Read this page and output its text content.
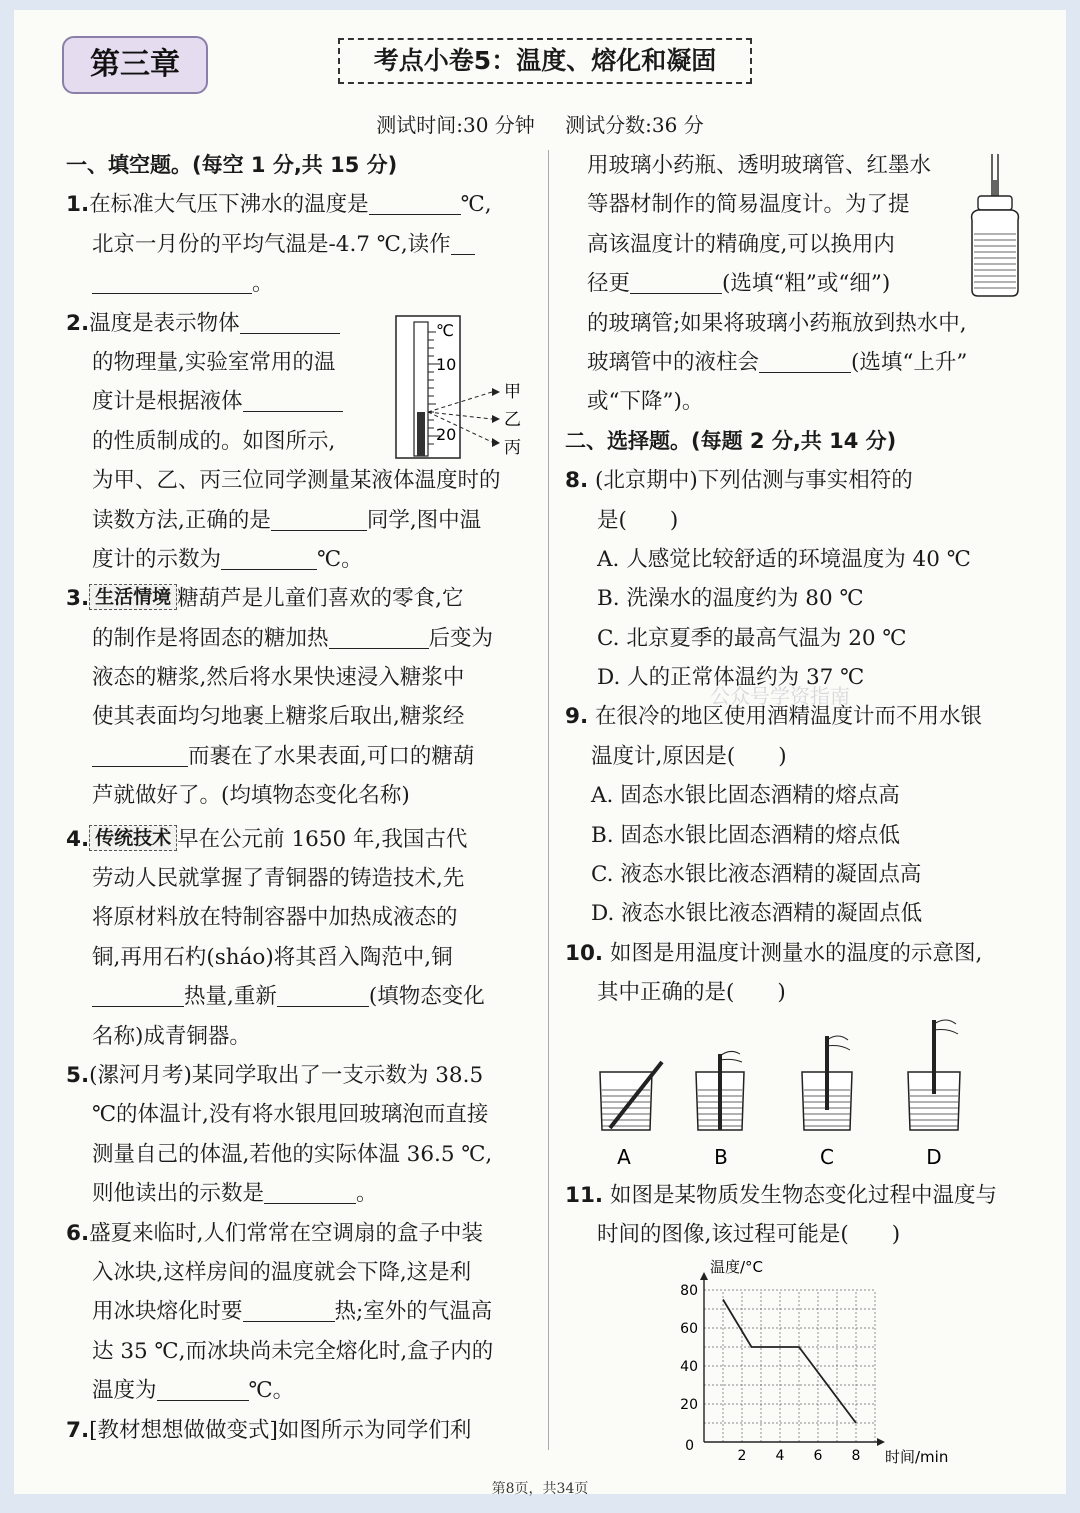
第三章	考点小卷5：温度、熔化和凝固
测试时间:30 分钟 测试分数:36 分
一、填空题。(每空 1 分,共 15 分)
1.在标准大气压下沸水的温度是	℃,
北京一月份的平均气温是-4.7 ℃,读作
。
2.温度是表示物体
的物理量,实验室常用的温
度计是根据液体
的性质制成的。如图所示,
为甲、乙、丙三位同学测量某液体温度时的
读数方法,正确的是	同学,图中温
度计的示数为	℃。
3. 生活情境 糖葫芦是儿童们喜欢的零食,它
的制作是将固态的糖加热	后变为
液态的糖浆,然后将水果快速浸入糖浆中
使其表面均匀地裹上糖浆后取出,糖浆经
而裹在了水果表面,可口的糖葫
芦就做好了。(均填物态变化名称)
4. 传统技术 早在公元前 1650 年,我国古代
劳动人民就掌握了青铜器的铸造技术,先
将原材料放在特制容器中加热成液态的
铜,再用石杓(sháo)将其舀入陶范中,铜
热量,重新	(填物态变化
名称)成青铜器。
5.(漯河月考)某同学取出了一支示数为 38.5
℃的体温计,没有将水银甩回玻璃泡而直接
测量自己的体温,若他的实际体温 36.5 ℃,
则他读出的示数是	。
6.盛夏来临时,人们常常在空调扇的盒子中装
入冰块,这样房间的温度就会下降,这是利
用冰块熔化时要	热;室外的气温高
达 35 ℃,而冰块尚未完全熔化时,盒子内的
温度为	℃。
7.[教材想想做做变式]如图所示为同学们利
℃
10
20
甲
乙
丙
用玻璃小药瓶、透明玻璃管、红墨水
等器材制作的简易温度计。为了提
高该温度计的精确度,可以换用内
径更	(选填“粗”或“细”)
的玻璃管;如果将玻璃小药瓶放到热水中,
玻璃管中的液柱会	(选填“上升”
或“下降”)。
二、选择题。(每题 2 分,共 14 分)
8. (北京期中)下列估测与事实相符的
是(　　)
A. 人感觉比较舒适的环境温度为 40 ℃
B. 洗澡水的温度约为 80 ℃
C. 北京夏季的最高气温为 20 ℃
D. 人的正常体温约为 37 ℃
9. 在很冷的地区使用酒精温度计而不用水银
温度计,原因是(　　)
A. 固态水银比固态酒精的熔点高
B. 固态水银比固态酒精的熔点低
C. 液态水银比液态酒精的凝固点高
D. 液态水银比液态酒精的凝固点低
10. 如图是用温度计测量水的温度的示意图,
其中正确的是(　　)
公众号学资指南
A	B	C	D
11. 如图是某物质发生物态变化过程中温度与
时间的图像,该过程可能是(　　)
2 4 6 8
20
40
60
80
0
温度/°C
时间/min
第8页，共34页
